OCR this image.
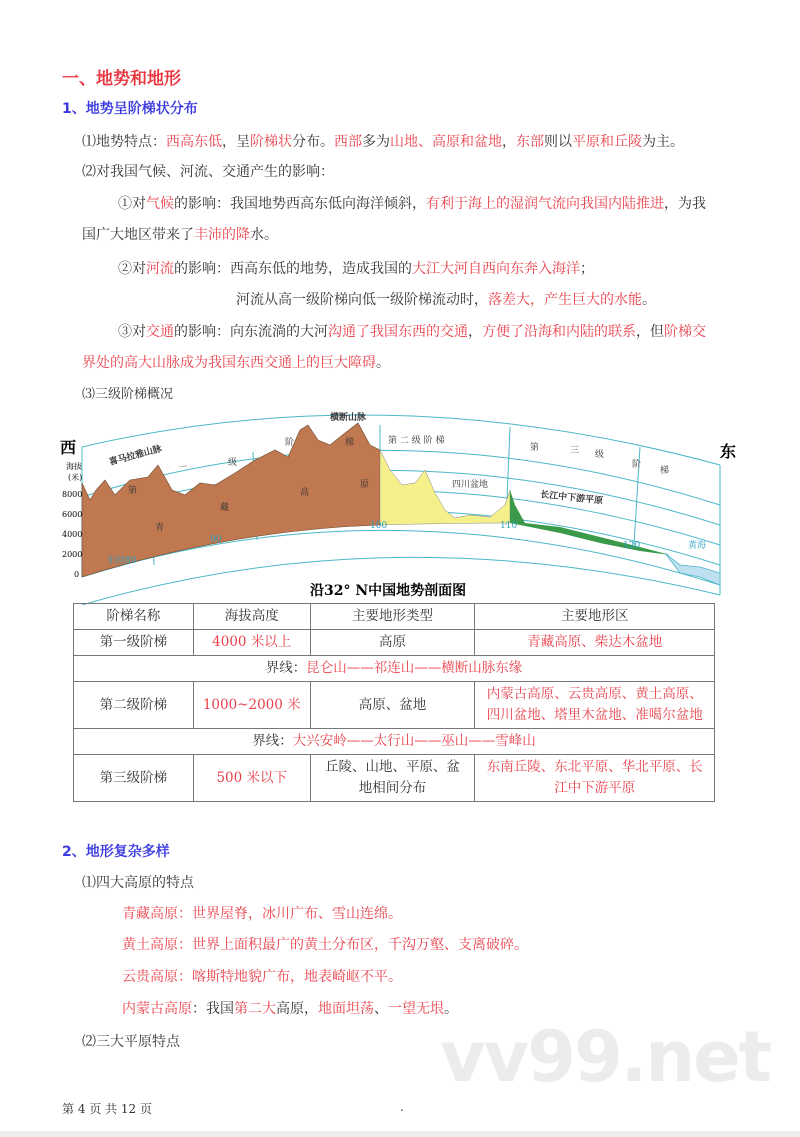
一、地势和地形
1、地势呈阶梯状分布
⑴地势特点：西高东低，呈阶梯状分布。西部多为山地、高原和盆地，东部则以平原和丘陵为主。
⑵对我国气候、河流、交通产生的影响：
①对气候的影响：我国地势西高东低向海洋倾斜，有利于海上的湿润气流向我国内陆推进，为我
国广大地区带来了丰沛的降水。
②对河流的影响：西高东低的地势，造成我国的大江大河自西向东奔入海洋；
河流从高一级阶梯向低一级阶梯流动时，落差大，产生巨大的水能。
③对交通的影响：向东流淌的大河沟通了我国东西的交通，方便了沿海和内陆的联系，但阶梯交
界处的高大山脉成为我国东西交通上的巨大障碍。
⑶三级阶梯概况
西	东
海拔
(米)
8000
6000
4000
2000
0
东经80
90
100	110
120	黄海
第
一	级
阶	梯	第 二 级 阶 梯
第	三 级
阶
梯
青
藏
高
原
喜马拉雅山脉
横断山脉
四川盆地
长江中下游平原
沿32° N中国地势剖面图
阶梯名称	海拔高度	主要地形类型	主要地形区
第一级阶梯	4000 米以上	高原	青藏高原、柴达木盆地
界线：昆仑山——祁连山——横断山脉东缘			
第二级阶梯	1000~2000 米	高原、盆地	内蒙古高原、云贵高原、黄土高原、四川盆地、塔里木盆地、准噶尔盆地
界线：大兴安岭——太行山——巫山——雪峰山			
第三级阶梯	500 米以下	丘陵、山地、平原、盆地相间分布	东南丘陵、东北平原、华北平原、长江中下游平原
2、地形复杂多样
⑴四大高原的特点
青藏高原：世界屋脊，冰川广布、雪山连绵。
黄土高原：世界上面积最广的黄土分布区，千沟万壑、支离破碎。
云贵高原：喀斯特地貌广布，地表崎岖不平。
内蒙古高原：我国第二大高原，地面坦荡、一望无垠。
⑵三大平原特点	vv99.net
第 4 页 共 12 页	.
